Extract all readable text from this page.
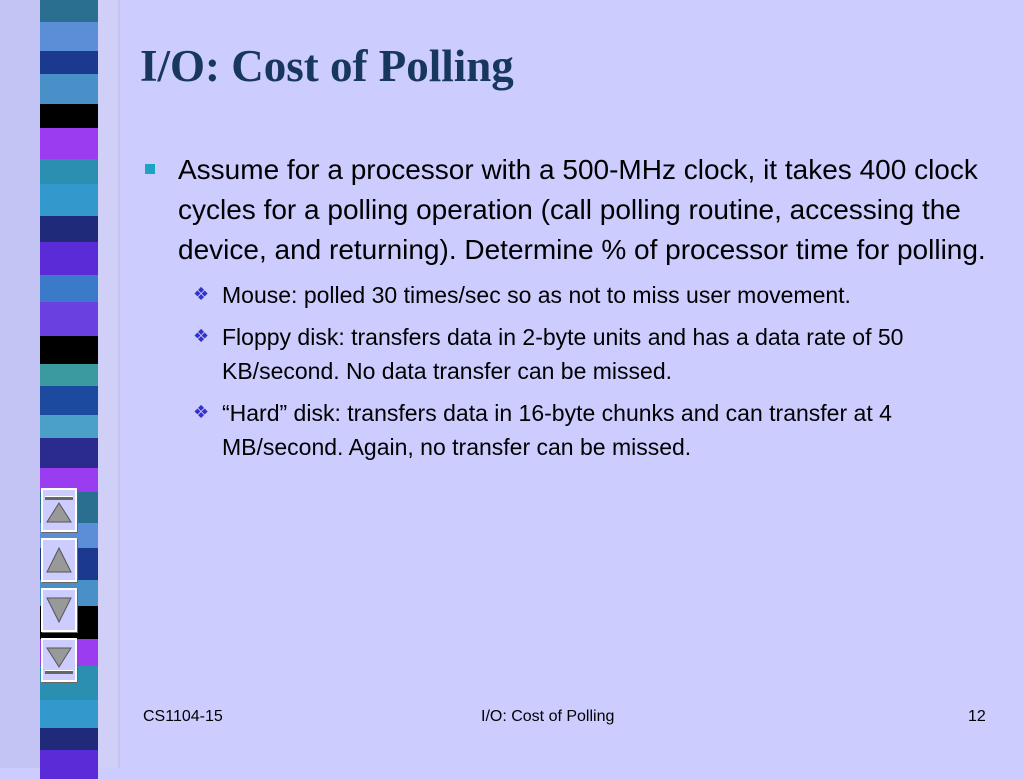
I/O: Cost of Polling
Assume for a processor with a 500-MHz clock, it takes 400 clock cycles for a polling operation (call polling routine, accessing the device, and returning). Determine % of processor time for polling.
❖ Mouse: polled 30 times/sec so as not to miss user movement.
❖ Floppy disk: transfers data in 2-byte units and has a data rate of 50 KB/second. No data transfer can be missed.
❖ “Hard” disk: transfers data in 16-byte chunks and can transfer at 4 MB/second. Again, no transfer can be missed.
CS1104-15	I/O: Cost of Polling	12
